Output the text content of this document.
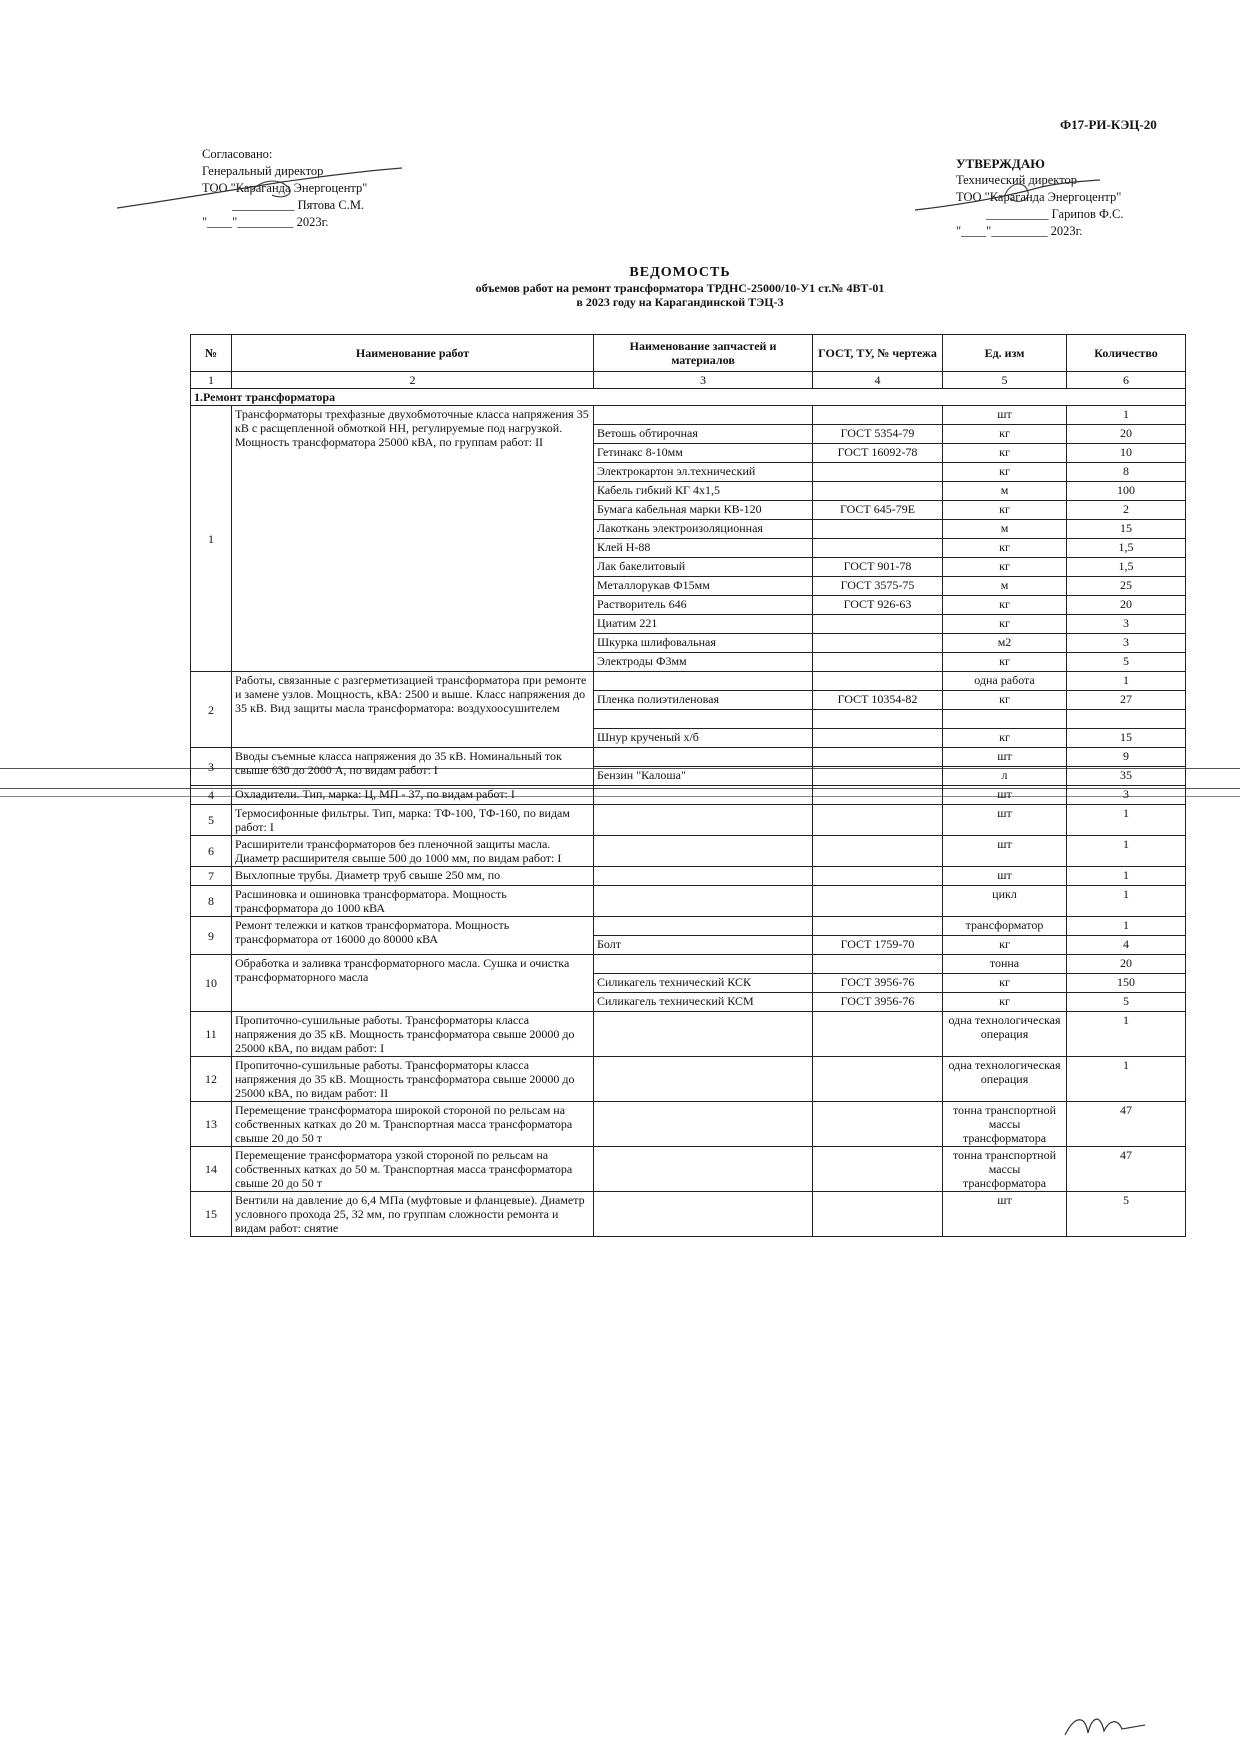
Ф17-РИ-КЭЦ-20
Согласовано:
Генеральный директор
ТОО "Караганда Энергоцентр"
__________ Пятова С.М.
"____"_________ 2023г.
УТВЕРЖДАЮ
Технический директор
ТОО "Караганда Энергоцентр"
__________ Гарипов Ф.С.
"____"_________ 2023г.
ВЕДОМОСТЬ
объемов работ на ремонт трансформатора ТРДНС-25000/10-У1 ст.№ 4ВТ-01
в 2023 году на Карагандинской ТЭЦ-3
№	Наименование работ	Наименование запчастей и материалов	ГОСТ, ТУ, № чертежа	Ед. изм	Количество
1	2	3	4	5	6
1.Ремонт трансформатора					
1	Трансформаторы трехфазные двухобмоточные класса напряжения 35 кВ с расщепленной обмоткой НН, регулируемые под нагрузкой. Мощность трансформатора 25000 кВА, по группам работ: II			шт	1
		Ветошь обтирочная	ГОСТ 5354-79	кг	20
		Гетинакс 8-10мм	ГОСТ 16092-78	кг	10
		Электрокартон эл.технический		кг	8
		Кабель гибкий КГ 4х1,5		м	100
		Бумага кабельная марки КВ-120	ГОСТ 645-79Е	кг	2
		Лакоткань электроизоляционная		м	15
		Клей Н-88		кг	1,5
		Лак бакелитовый	ГОСТ 901-78	кг	1,5
		Металлорукав Ф15мм	ГОСТ 3575-75	м	25
		Растворитель 646	ГОСТ 926-63	кг	20
		Циатим 221		кг	3
		Шкурка шлифовальная		м2	3
		Электроды Ф3мм		кг	5
2	Работы, связанные с разгерметизацией трансформатора при ремонте и замене узлов. Мощность, кВА: 2500 и выше. Класс напряжения до 35 кВ. Вид защиты масла трансформатора: воздухоосушителем			одна работа	1
		Пленка полиэтиленовая	ГОСТ 10354-82	кг	27

		Шнур крученый х/б		кг	15
3	Вводы съемные класса напряжения до 35 кВ. Номинальный ток свыше 630 до 2000 А, по видам работ: I			шт	9
		Бензин "Калоша"		л	35
4	Охладители. Тип, марка: Ц, МП - 37, по видам работ: I			шт	3
5	Термосифонные фильтры. Тип, марка: ТФ-100, ТФ-160, по видам работ: I			шт	1
6	Расширители трансформаторов без пленочной защиты масла. Диаметр расширителя свыше 500 до 1000 мм, по видам работ: I			шт	1
7	Выхлопные трубы. Диаметр труб свыше 250 мм, по			шт	1
8	Расшиновка и ошиновка трансформатора. Мощность трансформатора до 1000 кВА			цикл	1
9	Ремонт тележки и катков трансформатора. Мощность трансформатора от 16000 до 80000 кВА			трансформатор	1
		Болт	ГОСТ 1759-70	кг	4
10	Обработка и заливка трансформаторного масла. Сушка и очистка трансформаторного масла			тонна	20
		Силикагель технический КСК	ГОСТ 3956-76	кг	150
		Силикагель технический КСМ	ГОСТ 3956-76	кг	5
11	Пропиточно-сушильные работы. Трансформаторы класса напряжения до 35 кВ. Мощность трансформатора свыше 20000 до 25000 кВА, по видам работ: I			одна технологическая операция	1
12	Пропиточно-сушильные работы. Трансформаторы класса напряжения до 35 кВ. Мощность трансформатора свыше 20000 до 25000 кВА, по видам работ: II			одна технологическая операция	1
13	Перемещение трансформатора широкой стороной по рельсам на собственных катках до 20 м. Транспортная масса трансформатора свыше 20 до 50 т			тонна транспортной массы трансформатора	47
14	Перемещение трансформатора узкой стороной по рельсам на собственных катках до 50 м. Транспортная масса трансформатора свыше 20 до 50 т			тонна транспортной массы трансформатора	47
15	Вентили на давление до 6,4 МПа (муфтовые и фланцевые). Диаметр условного прохода 25, 32 мм, по группам сложности ремонта и видам работ: снятие			шт	5
